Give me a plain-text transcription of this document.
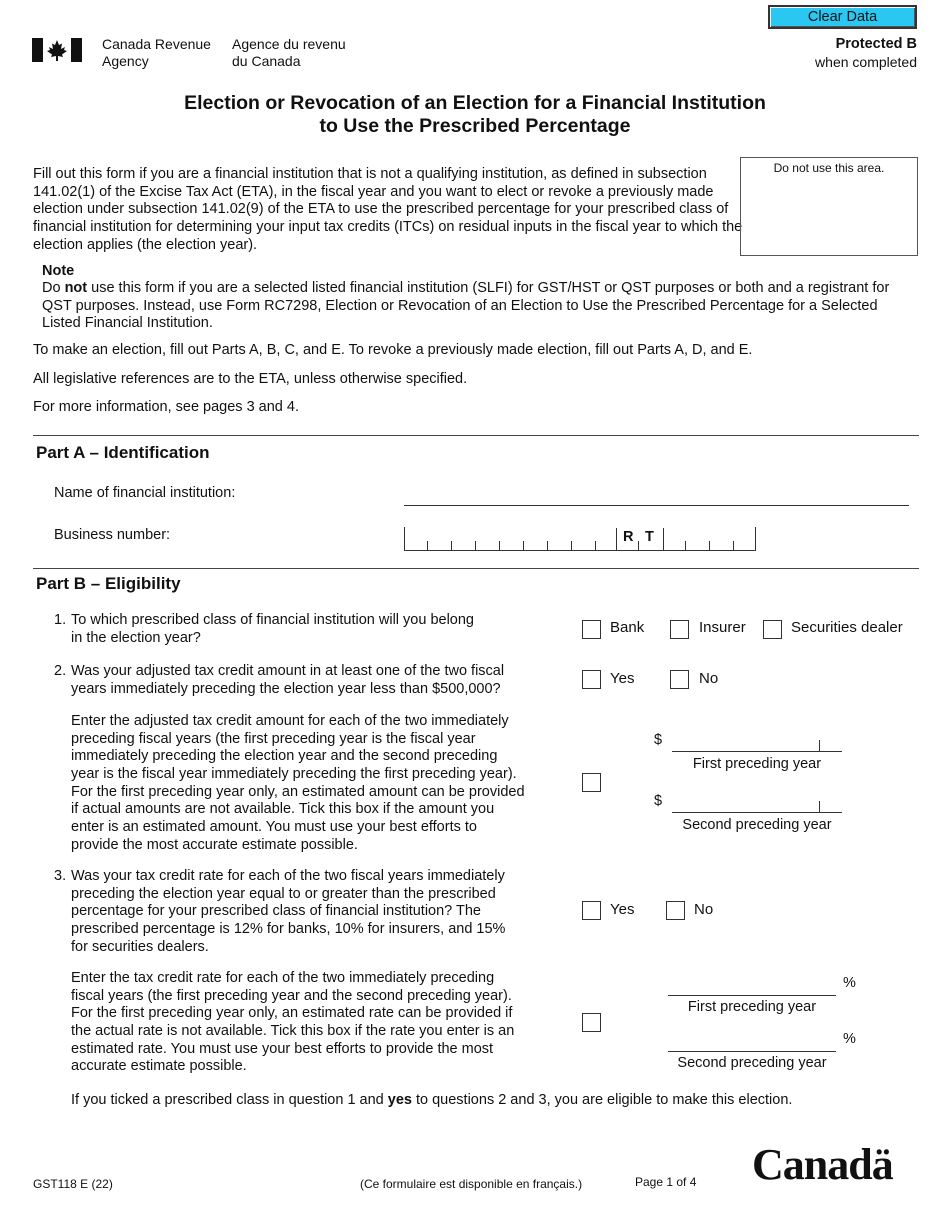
Clear Data
Canada Revenue
Agency
Agence du revenu
du Canada
Protected B
when completed
Election or Revocation of an Election for a Financial Institution
to Use the Prescribed Percentage
Fill out this form if you are a financial institution that is not a qualifying institution, as defined in subsection 141.02(1) of the Excise Tax Act (ETA), in the fiscal year and you want to elect or revoke a previously made election under subsection 141.02(9) of the ETA to use the prescribed percentage for your prescribed class of financial institution for determining your input tax credits (ITCs) on residual inputs in the fiscal year to which the election applies (the election year).
Do not use this area.
Note
Do not use this form if you are a selected listed financial institution (SLFI) for GST/HST or QST purposes or both and a registrant for QST purposes. Instead, use Form RC7298, Election or Revocation of an Election to Use the Prescribed Percentage for a Selected Listed Financial Institution.
To make an election, fill out Parts A, B, C, and E. To revoke a previously made election, fill out Parts A, D, and E.
All legislative references are to the ETA, unless otherwise specified.
For more information, see pages 3 and 4.
Part A – Identification
Name of financial institution:
Business number:	R T
Part B – Eligibility
1. To which prescribed class of financial institution will you belong
in the election year?
Bank	Insurer	Securities dealer
2. Was your adjusted tax credit amount in at least one of the two fiscal
years immediately preceding the election year less than $500,000?
Yes	No
Enter the adjusted tax credit amount for each of the two immediately
preceding fiscal years (the first preceding year is the fiscal year
immediately preceding the election year and the second preceding
year is the fiscal year immediately preceding the first preceding year).
For the first preceding year only, an estimated amount can be provided
if actual amounts are not available. Tick this box if the amount you
enter is an estimated amount. You must use your best efforts to
provide the most accurate estimate possible.
$
First preceding year
$
Second preceding year
3. Was your tax credit rate for each of the two fiscal years immediately
preceding the election year equal to or greater than the prescribed
percentage for your prescribed class of financial institution? The
prescribed percentage is 12% for banks, 10% for insurers, and 15%
for securities dealers.
Yes	No
Enter the tax credit rate for each of the two immediately preceding
fiscal years (the first preceding year and the second preceding year).
For the first preceding year only, an estimated rate can be provided if
the actual rate is not available. Tick this box if the rate you enter is an
estimated rate. You must use your best efforts to provide the most
accurate estimate possible.
%
First preceding year
%
Second preceding year
If you ticked a prescribed class in question 1 and yes to questions 2 and 3, you are eligible to make this election.
GST118 E (22)	(Ce formulaire est disponible en français.)	Page 1 of 4 Canadä
